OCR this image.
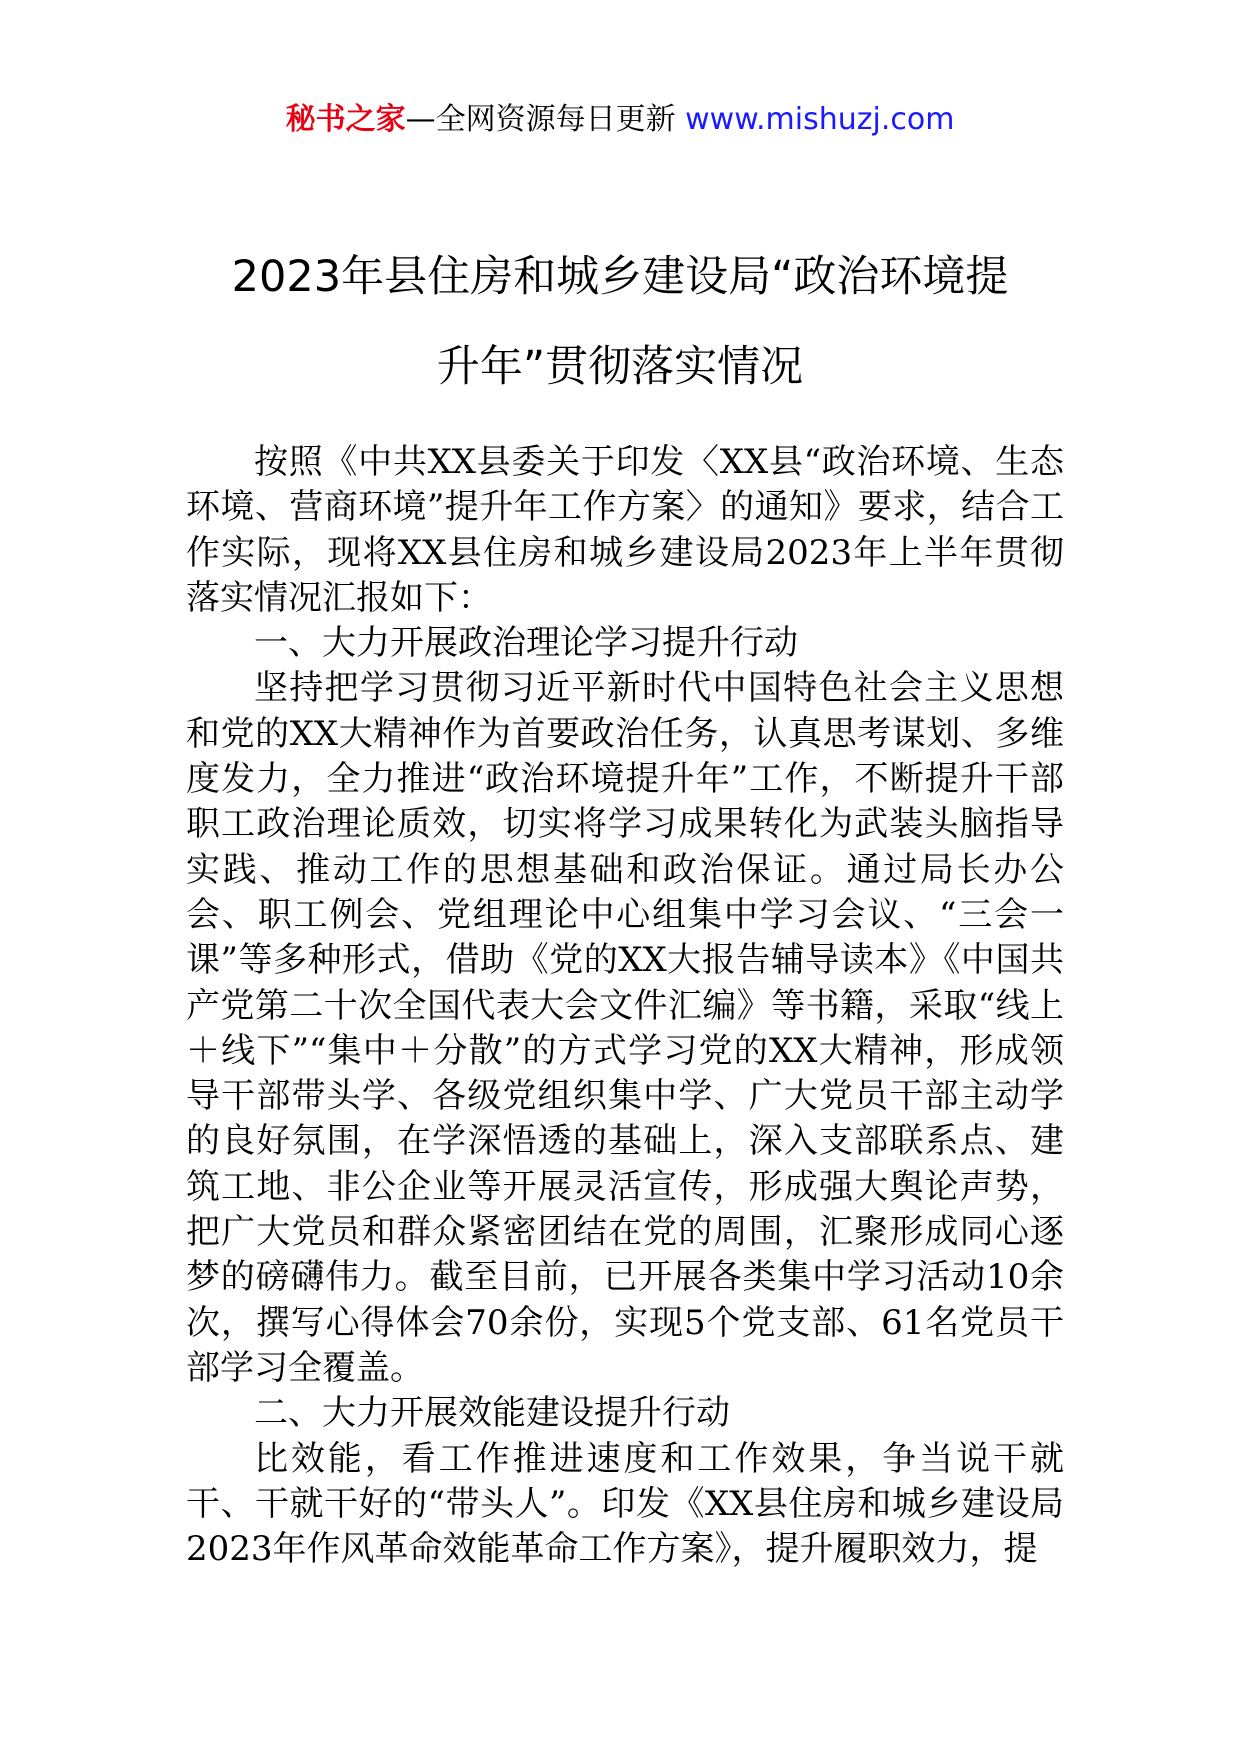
秘书之家—全网资源每日更新 www.mishuzj.com
2023年县住房和城乡建设局“政治环境提
升年”贯彻落实情况

按照《中共XX县委关于印发〈XX县“政治环境、生态环境、营商环境”提升年工作方案〉的通知》要求，结合工作实际，现将XX县住房和城乡建设局2023年上半年贯彻落实情况汇报如下：

一、大力开展政治理论学习提升行动

坚持把学习贯彻习近平新时代中国特色社会主义思想和党的XX大精神作为首要政治任务，认真思考谋划、多维度发力，全力推进“政治环境提升年”工作，不断提升干部职工政治理论质效，切实将学习成果转化为武装头脑指导实践、推动工作的思想基础和政治保证。通过局长办公会、职工例会、党组理论中心组集中学习会议、“三会一课”等多种形式，借助《党的XX大报告辅导读本》《中国共产党第二十次全国代表大会文件汇编》等书籍，采取“线上＋线下”“集中＋分散”的方式学习党的XX大精神，形成领导干部带头学、各级党组织集中学、广大党员干部主动学的良好氛围，在学深悟透的基础上，深入支部联系点、建筑工地、非公企业等开展灵活宣传，形成强大舆论声势，把广大党员和群众紧密团结在党的周围，汇聚形成同心逐梦的磅礴伟力。截至目前，已开展各类集中学习活动10余次，撰写心得体会70余份，实现5个党支部、61名党员干部学习全覆盖。

二、大力开展效能建设提升行动

比效能，看工作推进速度和工作效果，争当说干就干、干就干好的“带头人”。印发《XX县住房和城乡建设局2023年作风革命效能革命工作方案》，提升履职效力，提
